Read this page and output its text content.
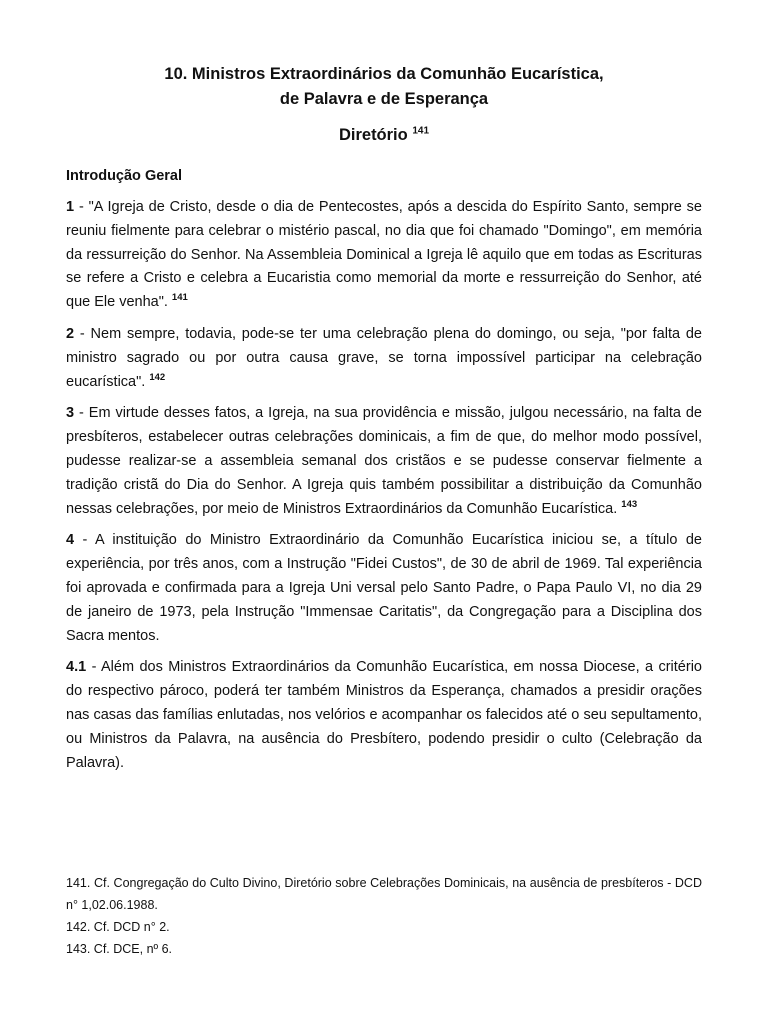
10. Ministros Extraordinários da Comunhão Eucarística,
de Palavra e de Esperança
Diretório $^{141}$
Introdução Geral

1 - "A Igreja de Cristo, desde o dia de Pentecostes, após a descida do Espírito Santo, sempre se reuniu fielmente para celebrar o mistério pascal, no dia que foi chamado "Domingo", em memória da ressurreição do Senhor. Na Assembleia Dominical a Igreja lê aquilo que em todas as Escrituras se refere a Cristo e celebra a Eucaristia como memorial da morte e ressurreição do Senhor, até que Ele venha". $^{141}$

2 - Nem sempre, todavia, pode-se ter uma celebração plena do domingo, ou seja, "por falta de ministro sagrado ou por outra causa grave, se torna impossível participar na celebração eucarística". $^{142}$

3 - Em virtude desses fatos, a Igreja, na sua providência e missão, julgou necessário, na falta de presbíteros, estabelecer outras celebrações dominicais, a fim de que, do melhor modo possível, pudesse realizar-se a assembleia semanal dos cristãos e se pudesse conservar fielmente a tradição cristã do Dia do Senhor. A Igreja quis também possibilitar a distribuição da Comunhão nessas celebrações, por meio de Ministros Extraordinários da Comunhão Eucarística. $^{143}$

4 - A instituição do Ministro Extraordinário da Comunhão Eucarística iniciou se, a título de experiência, por três anos, com a Instrução "Fidei Custos", de 30 de abril de 1969. Tal experiência foi aprovada e confirmada para a Igreja Uni versal pelo Santo Padre, o Papa Paulo VI, no dia 29 de janeiro de 1973, pela Instrução "Immensae Caritatis", da Congregação para a Disciplina dos Sacra mentos.

4.1 - Além dos Ministros Extraordinários da Comunhão Eucarística, em nossa Diocese, a critério do respectivo pároco, poderá ter também Ministros da Esperança, chamados a presidir orações nas casas das famílias enlutadas, nos velórios e acompanhar os falecidos até o seu sepultamento, ou Ministros da Palavra, na ausência do Presbítero, podendo presidir o culto (Celebração da Palavra).

141. Cf. Congregação do Culto Divino, Diretório sobre Celebrações Dominicais, na ausência de presbíteros - DCD n° 1,02.06.1988.

142. Cf. DCD n° 2.

143. Cf. DCE, nº 6.
